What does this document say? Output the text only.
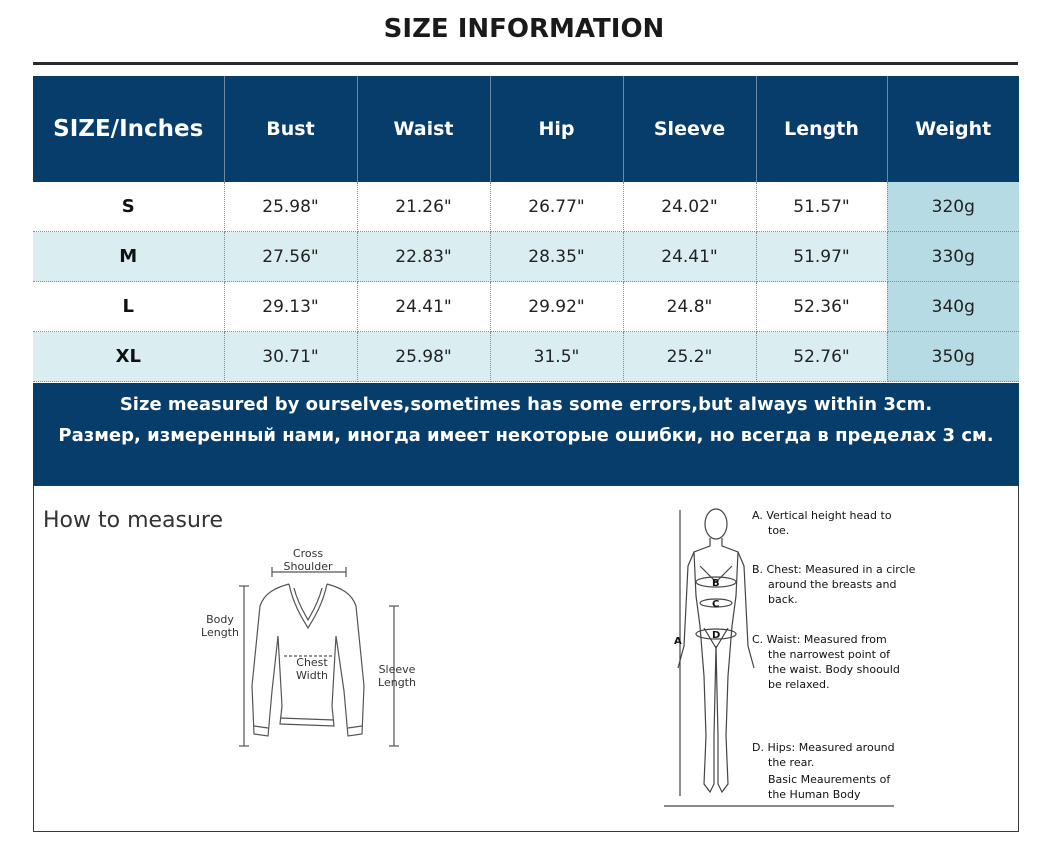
SIZE INFORMATION
SIZE/Inches	Bust	Waist	Hip	Sleeve	Length	Weight
S	25.98"	21.26"	26.77"	24.02"	51.57"	320g
M	27.56"	22.83"	28.35"	24.41"	51.97"	330g
L	29.13"	24.41"	29.92"	24.8"	52.36"	340g
XL	30.71"	25.98"	31.5"	25.2"	52.76"	350g

Size measured by ourselves,sometimes has some errors,but always within 3cm.

Размер, измеренный нами, иногда имеет некоторые ошибки, но всегда в пределах 3 см.

How to measure
Cross Shoulder
Body Length
Chest Width	Sleeve Length
A
B
C
D
A. Vertical height head to toe.
B. Chest: Measured in a circle around the breasts and back.
C. Waist: Measured from the narrowest point of the waist. Body shoould be relaxed.
D. Hips: Measured around the rear.
Basic Meaurements of the Human Body
